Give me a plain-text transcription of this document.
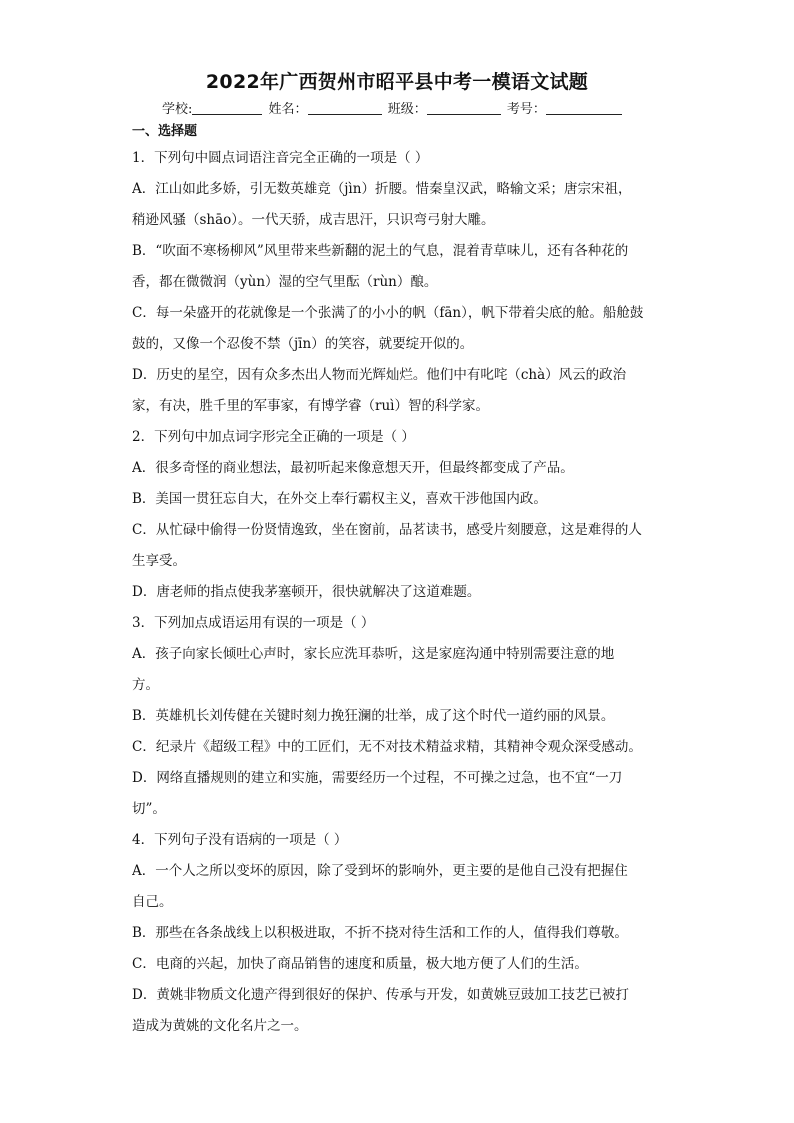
2022年广西贺州市昭平县中考一模语文试题
学校:	姓名：	班级：	考号：
一、选择题
1．下列句中圆点词语注音完全正确的一项是（ ）
A．江山如此多娇，引无数英雄竞（jìn）折腰。惜秦皇汉武，略输文采；唐宗宋祖，
稍逊风骚（shāo）。一代天骄，成吉思汗，只识弯弓射大雕。
B．“吹面不寒杨柳风”风里带来些新翻的泥土的气息，混着青草味儿，还有各种花的
香，都在微微润（yùn）湿的空气里酝（rùn）酿。
C．每一朵盛开的花就像是一个张满了的小小的帆（fān），帆下带着尖底的舱。船舱鼓
鼓的，又像一个忍俊不禁（jīn）的笑容，就要绽开似的。
D．历史的星空，因有众多杰出人物而光辉灿烂。他们中有叱咤（chà）风云的政治
家，有决，胜千里的军事家，有博学睿（ruì）智的科学家。
2．下列句中加点词字形完全正确的一项是（ ）
A．很多奇怪的商业想法，最初听起来像意想天开，但最终都变成了产品。
B．美国一贯狂忘自大，在外交上奉行霸权主义，喜欢干涉他国内政。
C．从忙碌中偷得一份贤情逸致，坐在窗前，品茗读书，感受片刻腰意，这是难得的人
生享受。
D．唐老师的指点使我茅塞顿开，很快就解决了这道难题。
3．下列加点成语运用有误的一项是（ ）
A．孩子向家长倾吐心声时，家长应洗耳恭听，这是家庭沟通中特别需要注意的地
方。
B．英雄机长刘传健在关键时刻力挽狂澜的壮举，成了这个时代一道约丽的风景。
C．纪录片《超级工程》中的工匠们，无不对技术精益求精，其精神令观众深受感动。
D．网络直播规则的建立和实施，需要经历一个过程，不可操之过急，也不宜“一刀
切”。
4．下列句子没有语病的一项是（ ）
A．一个人之所以变坏的原因，除了受到坏的影响外，更主要的是他自己没有把握住
自己。
B．那些在各条战线上以积极进取，不折不挠对待生活和工作的人，值得我们尊敬。
C．电商的兴起，加快了商品销售的速度和质量，极大地方便了人们的生活。
D．黄姚非物质文化遗产得到很好的保护、传承与开发，如黄姚豆豉加工技艺已被打
造成为黄姚的文化名片之一。
